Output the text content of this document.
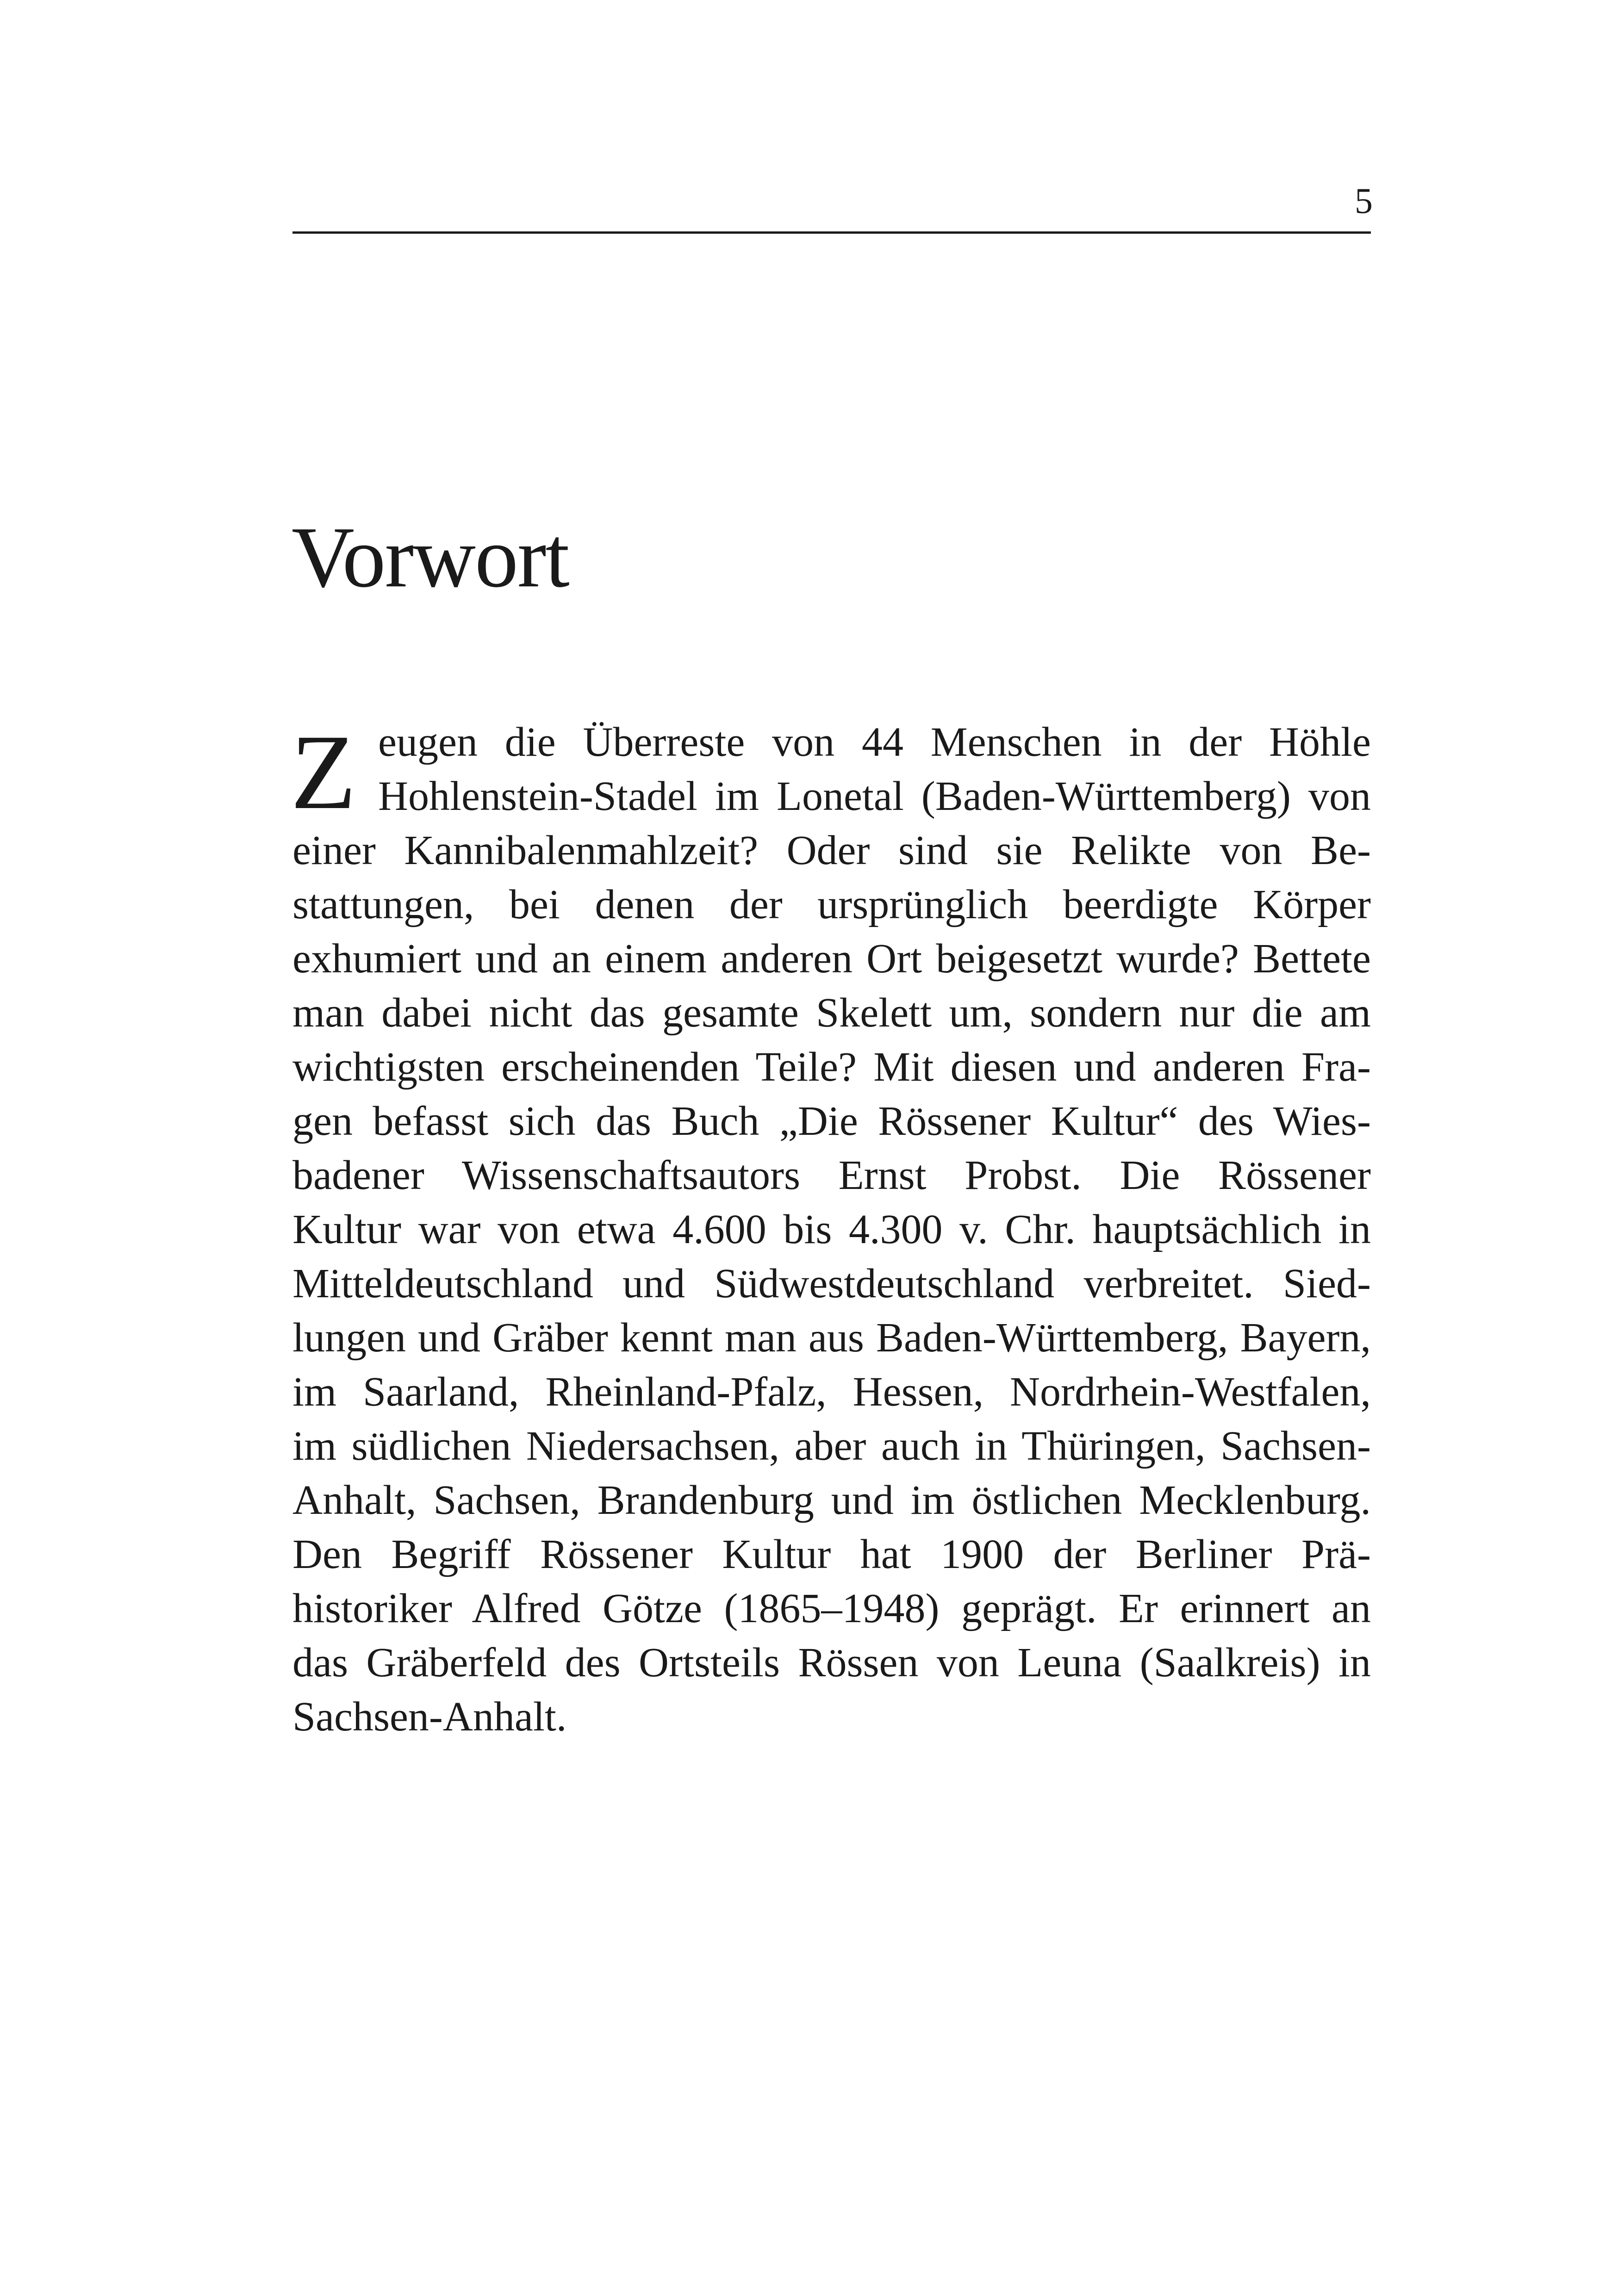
5
Vorwort
Z eugen die Überreste von 44 Menschen in der Höhle
Hohlenstein-Stadel im Lonetal (Baden-Württemberg) von
einer Kannibalenmahlzeit? Oder sind sie Relikte von Be-
stattungen, bei denen der ursprünglich beerdigte Körper
exhumiert und an einem anderen Ort beigesetzt wurde? Bettete
man dabei nicht das gesamte Skelett um, sondern nur die am
wichtigsten erscheinenden Teile? Mit diesen und anderen Fra-
gen befasst sich das Buch „Die Rössener Kultur“ des Wies-
badener Wissenschaftsautors Ernst Probst. Die Rössener
Kultur war von etwa 4.600 bis 4.300 v. Chr. hauptsächlich in
Mitteldeutschland und Südwestdeutschland verbreitet. Sied-
lungen und Gräber kennt man aus Baden-Württemberg, Bayern,
im Saarland, Rheinland-Pfalz, Hessen, Nordrhein-Westfalen,
im südlichen Niedersachsen, aber auch in Thüringen, Sachsen-
Anhalt, Sachsen, Brandenburg und im östlichen Mecklenburg.
Den Begriff Rössener Kultur hat 1900 der Berliner Prä-
historiker Alfred Götze (1865–1948) geprägt. Er erinnert an
das Gräberfeld des Ortsteils Rössen von Leuna (Saalkreis) in
Sachsen-Anhalt.
